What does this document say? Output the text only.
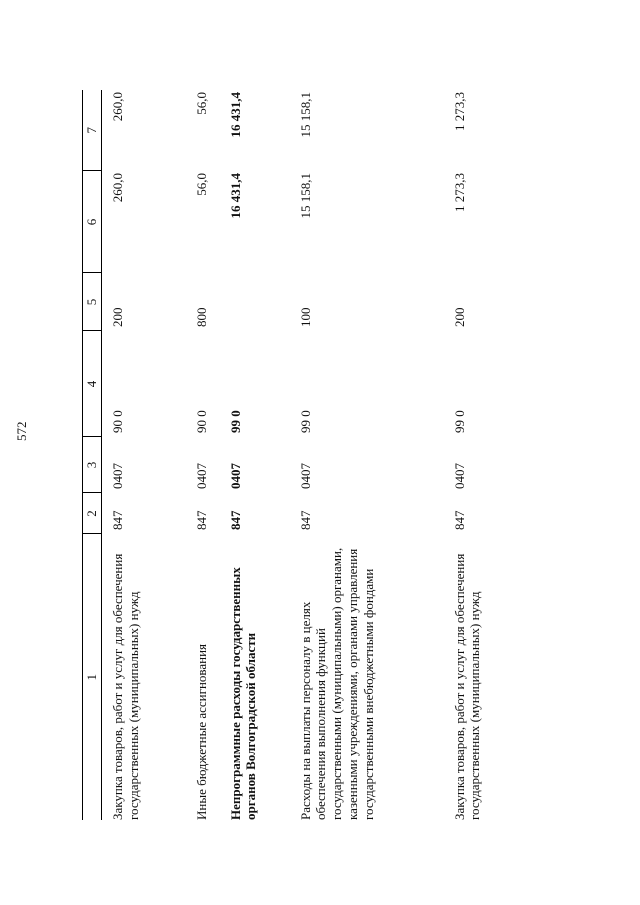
572
1	2	3	4	5	6	7
Закупка товаров, работ и услуг для обеспечения государственных (муниципальных) нужд	847	0407	90 0	200	260,0	260,0
Иные бюджетные ассигнования	847	0407	90 0	800	56,0	56,0
Непрограммные расходы государственных органов Волгоградской области	847	0407	99 0		16 431,4	16 431,4
Расходы на выплаты персоналу в целях обеспечения выполнения функций государственными (муниципальными) органами, казенными учреждениями, органами управления государственными внебюджетными фондами	847	0407	99 0	100	15 158,1	15 158,1
Закупка товаров, работ и услуг для обеспечения государственных (муниципальных) нужд	847	0407	99 0	200	1 273,3	1 273,3
